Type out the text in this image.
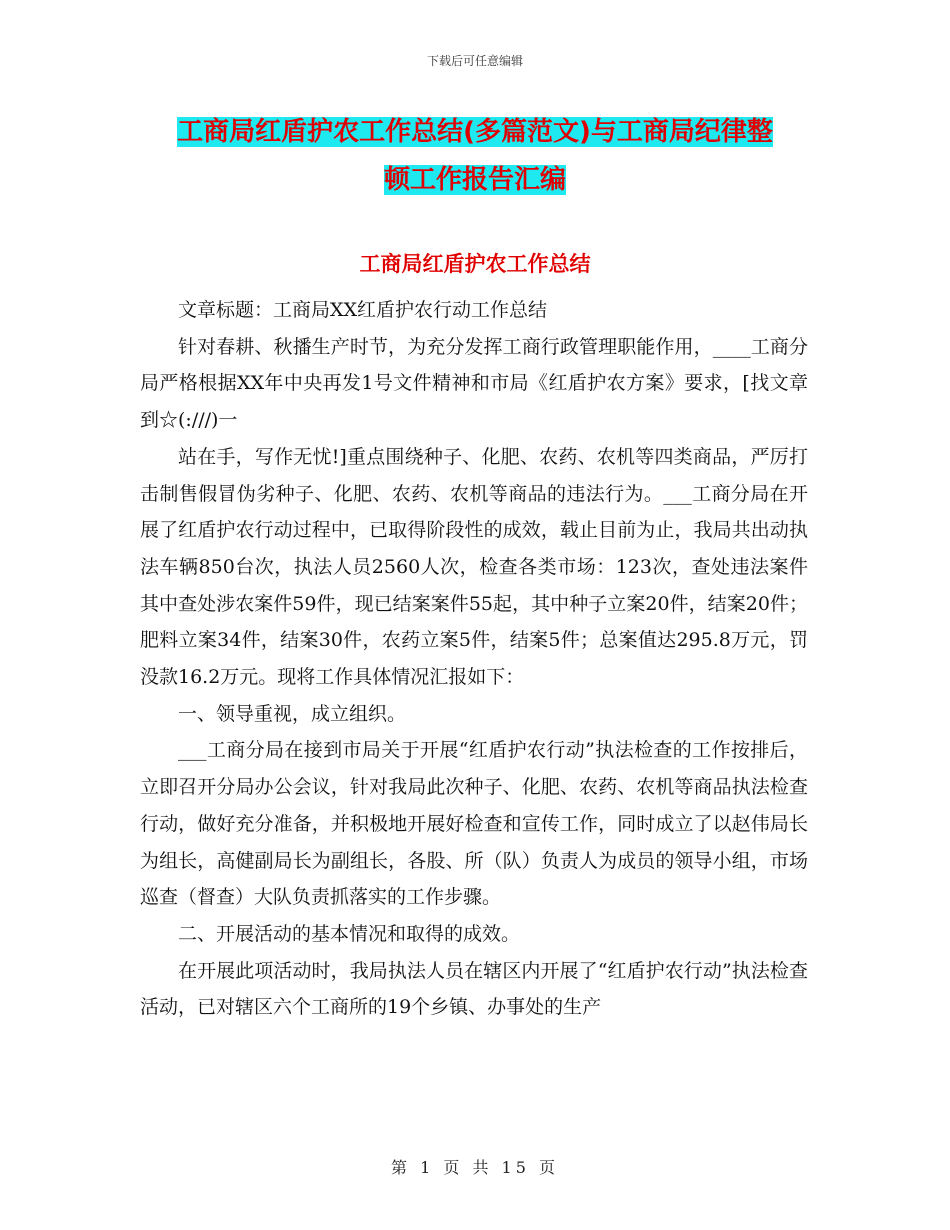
下载后可任意编辑
工商局红盾护农工作总结(多篇范文)与工商局纪律整
顿工作报告汇编
工商局红盾护农工作总结

文章标题：工商局XX红盾护农行动工作总结

针对春耕、秋播生产时节，为充分发挥工商行政管理职能作用，____工商分局严格根据XX年中央再发1号文件精神和市局《红盾护农方案》要求，[找文章到☆(:///)一

站在手，写作无忧!]重点围绕种子、化肥、农药、农机等四类商品，严厉打击制售假冒伪劣种子、化肥、农药、农机等商品的违法行为。___工商分局在开展了红盾护农行动过程中，已取得阶段性的成效，载止目前为止，我局共出动执法车辆850台次，执法人员2560人次，检查各类市场：123次，查处违法案件其中查处涉农案件59件，现已结案案件55起，其中种子立案20件，结案20件；肥料立案34件，结案30件，农药立案5件，结案5件；总案值达295.8万元，罚没款16.2万元。现将工作具体情况汇报如下：

一、领导重视，成立组织。

___工商分局在接到市局关于开展“红盾护农行动”执法检查的工作按排后，立即召开分局办公会议，针对我局此次种子、化肥、农药、农机等商品执法检查行动，做好充分准备，并积极地开展好检查和宣传工作，同时成立了以赵伟局长为组长，高健副局长为副组长，各股、所（队）负责人为成员的领导小组，市场巡查（督查）大队负责抓落实的工作步骤。

二、开展活动的基本情况和取得的成效。

在开展此项活动时，我局执法人员在辖区内开展了“红盾护农行动”执法检查活动，已对辖区六个工商所的19个乡镇、办事处的生产

第 1 页 共 15 页
